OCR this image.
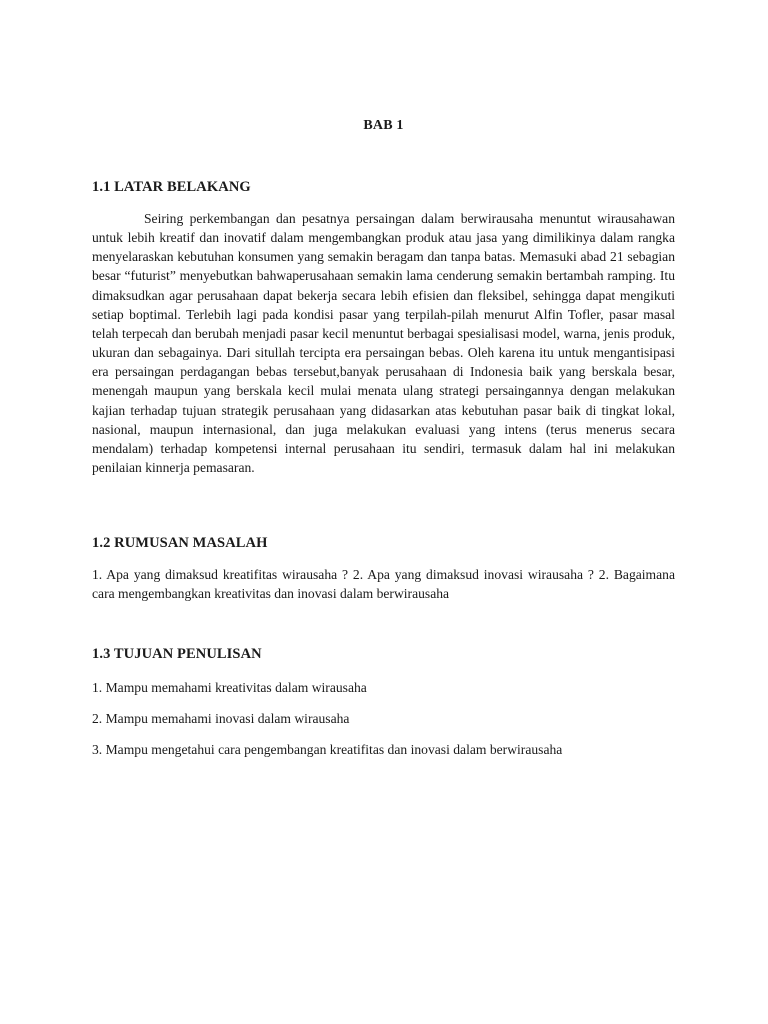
BAB 1
1.1 LATAR BELAKANG
Seiring perkembangan dan pesatnya persaingan dalam berwirausaha menuntut wirausahawan untuk lebih kreatif dan inovatif dalam mengembangkan produk atau jasa yang dimilikinya dalam rangka menyelaraskan kebutuhan konsumen yang semakin beragam dan tanpa batas. Memasuki abad 21 sebagian besar “futurist” menyebutkan bahwaperusahaan semakin lama cenderung semakin bertambah ramping. Itu dimaksudkan agar perusahaan dapat bekerja secara lebih efisien dan fleksibel, sehingga dapat mengikuti setiap boptimal. Terlebih lagi pada kondisi pasar yang terpilah-pilah menurut Alfin Tofler, pasar masal telah terpecah dan berubah menjadi pasar kecil menuntut berbagai spesialisasi model, warna, jenis produk, ukuran dan sebagainya. Dari situllah tercipta era persaingan bebas. Oleh karena itu untuk mengantisipasi era persaingan perdagangan bebas tersebut,banyak perusahaan di Indonesia baik yang berskala besar, menengah maupun yang berskala kecil mulai menata ulang strategi persaingannya dengan melakukan kajian terhadap tujuan strategik perusahaan yang didasarkan atas kebutuhan pasar baik di tingkat lokal, nasional, maupun internasional, dan juga melakukan evaluasi yang intens (terus menerus secara mendalam) terhadap kompetensi internal perusahaan itu sendiri, termasuk dalam hal ini melakukan penilaian kinnerja pemasaran.
1.2 RUMUSAN MASALAH
1. Apa yang dimaksud kreatifitas wirausaha ? 2. Apa yang dimaksud inovasi wirausaha ? 2. Bagaimana cara mengembangkan kreativitas dan inovasi dalam berwirausaha
1.3 TUJUAN PENULISAN
1. Mampu memahami kreativitas dalam wirausaha
2. Mampu memahami inovasi dalam wirausaha
3. Mampu mengetahui cara pengembangan kreatifitas dan inovasi dalam berwirausaha
